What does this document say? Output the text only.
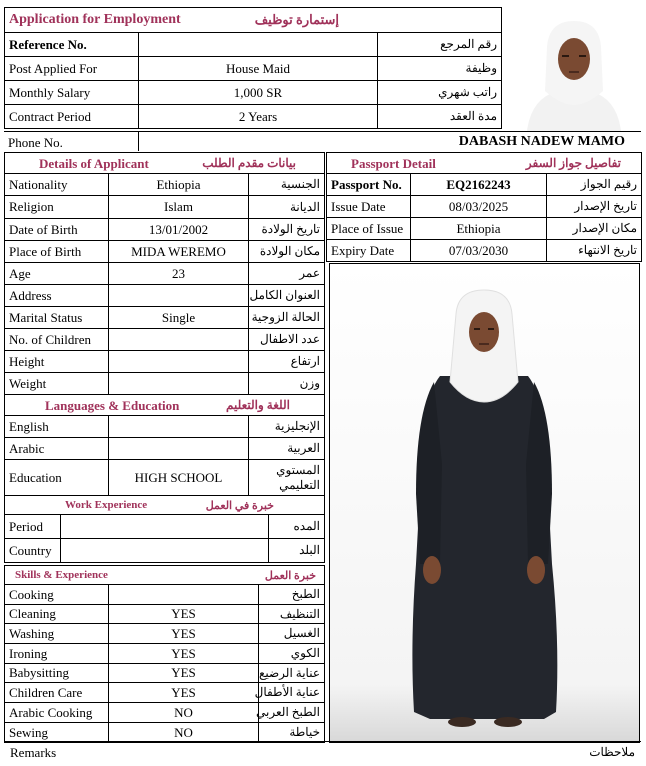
Application for Employment		إستمارة توظيف

Reference No.		رقم المرجع
Post Applied For	House Maid	وظيفة
Monthly Salary	1,000 SR	راتب شهري
Contract Period	2 Years	مدة العقد
Phone No.	DABASH NADEW MAMO
Details of Applicant بيانات مقدم الطلب		

Nationality	Ethiopia	الجنسية
Religion	Islam	الديانة
Date of Birth	13/01/2002	تاريخ الولادة
Place of Birth	MIDA WEREMO	مكان الولادة
Age	23	عمر
Address		العنوان الكامل
Marital Status	Single	الحالة الزوجية
No. of Children		عدد الاطفال
Height		ارتفاع
Weight		وزن

Languages & Education اللغة والتعليم		

English		الإنجليزية
Arabic		العربية
Education	HIGH SCHOOL	المستوي التعليمي
Work Experience خبرة في العمل		

Period		المده
Country		البلد
Skills & Experience خبرة العمل		

Cooking		الطبخ
Cleaning	YES	التنظيف
Washing	YES	الغسيل
Ironing	YES	الكوي
Babysitting	YES	عناية الرضيع
Children Care	YES	عناية الأطفال
Arabic Cooking	NO	الطبخ العربي
Sewing	NO	خياطة
Passport Detail تفاصيل جواز السفر		

Passport No.	EQ2162243	رقيم الجواز
Issue Date	08/03/2025	تاريخ الإصدار
Place of Issue	Ethiopia	مكان الإصدار
Expiry Date	07/03/2030	تاريخ الانتهاء
Remarks	ملاحظات
